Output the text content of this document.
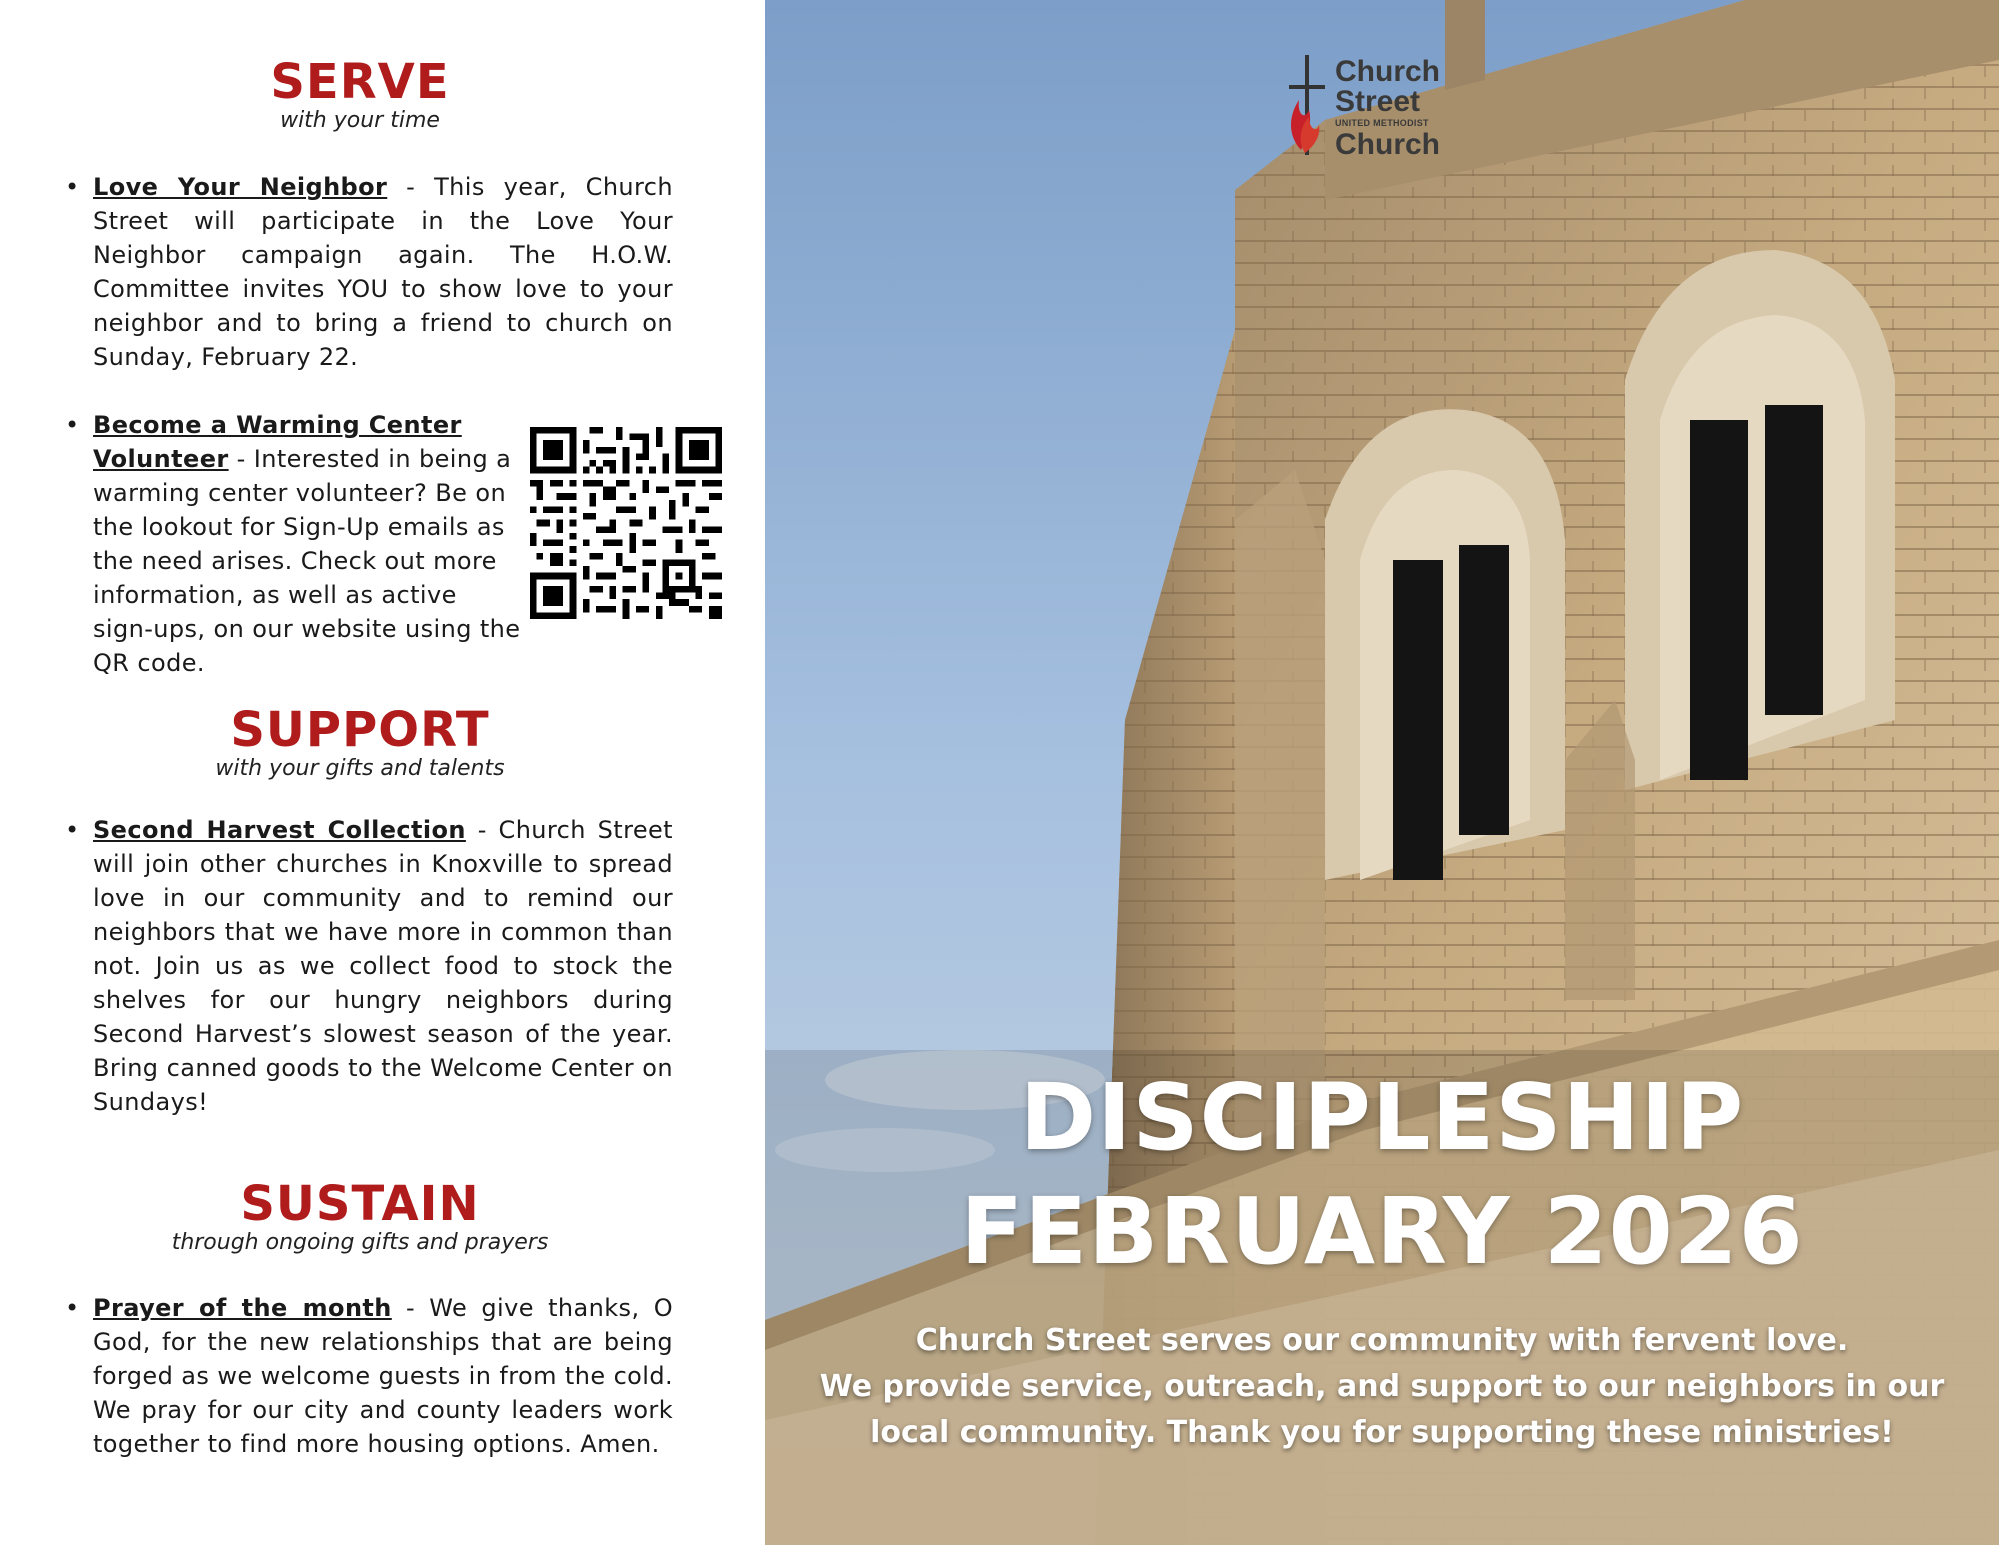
SERVE
with your time
• Love Your Neighbor - This year, Church Street will participate in the Love Your Neighbor campaign again. The H.O.W. Committee invites YOU to show love to your neighbor and to bring a friend to church on Sunday, February 22.
• Become a Warming Center Volunteer - Interested in being a warming center volunteer? Be on the lookout for Sign-Up emails as the need arises. Check out more information, as well as active sign-ups, on our website using the QR code.
SUPPORT
with your gifts and talents
• Second Harvest Collection - Church Street will join other churches in Knoxville to spread love in our community and to remind our neighbors that we have more in common than not. Join us as we collect food to stock the shelves for our hungry neighbors during Second Harvest’s slowest season of the year. Bring canned goods to the Welcome Center on Sundays!
SUSTAIN
through ongoing gifts and prayers
• Prayer of the month - We give thanks, O God, for the new relationships that are being forged as we welcome guests in from the cold. We pray for our city and county leaders work together to find more housing options. Amen.
Church
Street
UNITED METHODIST
Church
DISCIPLESHIP
FEBRUARY 2026
Church Street serves our community with fervent love.
We provide service, outreach, and support to our neighbors in our
local community. Thank you for supporting these ministries!
